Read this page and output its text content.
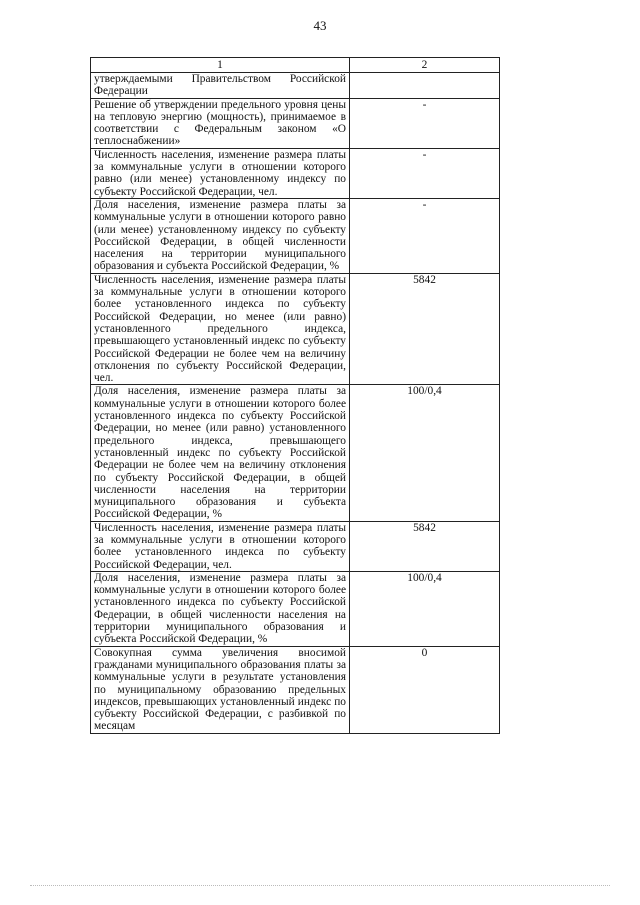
43
1	2
утверждаемыми Правительством Российской Федерации	
Решение об утверждении предельного уровня цены на тепловую энергию (мощность), принимаемое в соответствии с Федеральным законом «О теплоснабжении»	-
Численность населения, изменение размера платы за коммунальные услуги в отношении которого равно (или менее) установленному индексу по субъекту Российской Федерации, чел.	-
Доля населения, изменение размера платы за коммунальные услуги в отношении которого равно (или менее) установленному индексу по субъекту Российской Федерации, в общей численности населения на территории муниципального образования и субъекта Российской Федерации, %	-
Численность населения, изменение размера платы за коммунальные услуги в отношении которого более установленного индекса по субъекту Российской Федерации, но менее (или равно) установленного предельного индекса, превышающего установленный индекс по субъекту Российской Федерации не более чем на величину отклонения по субъекту Российской Федерации, чел.	5842
Доля населения, изменение размера платы за коммунальные услуги в отношении которого более установленного индекса по субъекту Российской Федерации, но менее (или равно) установленного предельного индекса, превышающего установленный индекс по субъекту Российской Федерации не более чем на величину отклонения по субъекту Российской Федерации, в общей численности населения на территории муниципального образования и субъекта Российской Федерации, %	100/0,4
Численность населения, изменение размера платы за коммунальные услуги в отношении которого более установленного индекса по субъекту Российской Федерации, чел.	5842
Доля населения, изменение размера платы за коммунальные услуги в отношении которого более установленного индекса по субъекту Российской Федерации, в общей численности населения на территории муниципального образования и субъекта Российской Федерации, %	100/0,4
Совокупная сумма увеличения вносимой гражданами муниципального образования платы за коммунальные услуги в результате установления по муниципальному образованию предельных индексов, превышающих установленный индекс по субъекту Российской Федерации, с разбивкой по месяцам	0
